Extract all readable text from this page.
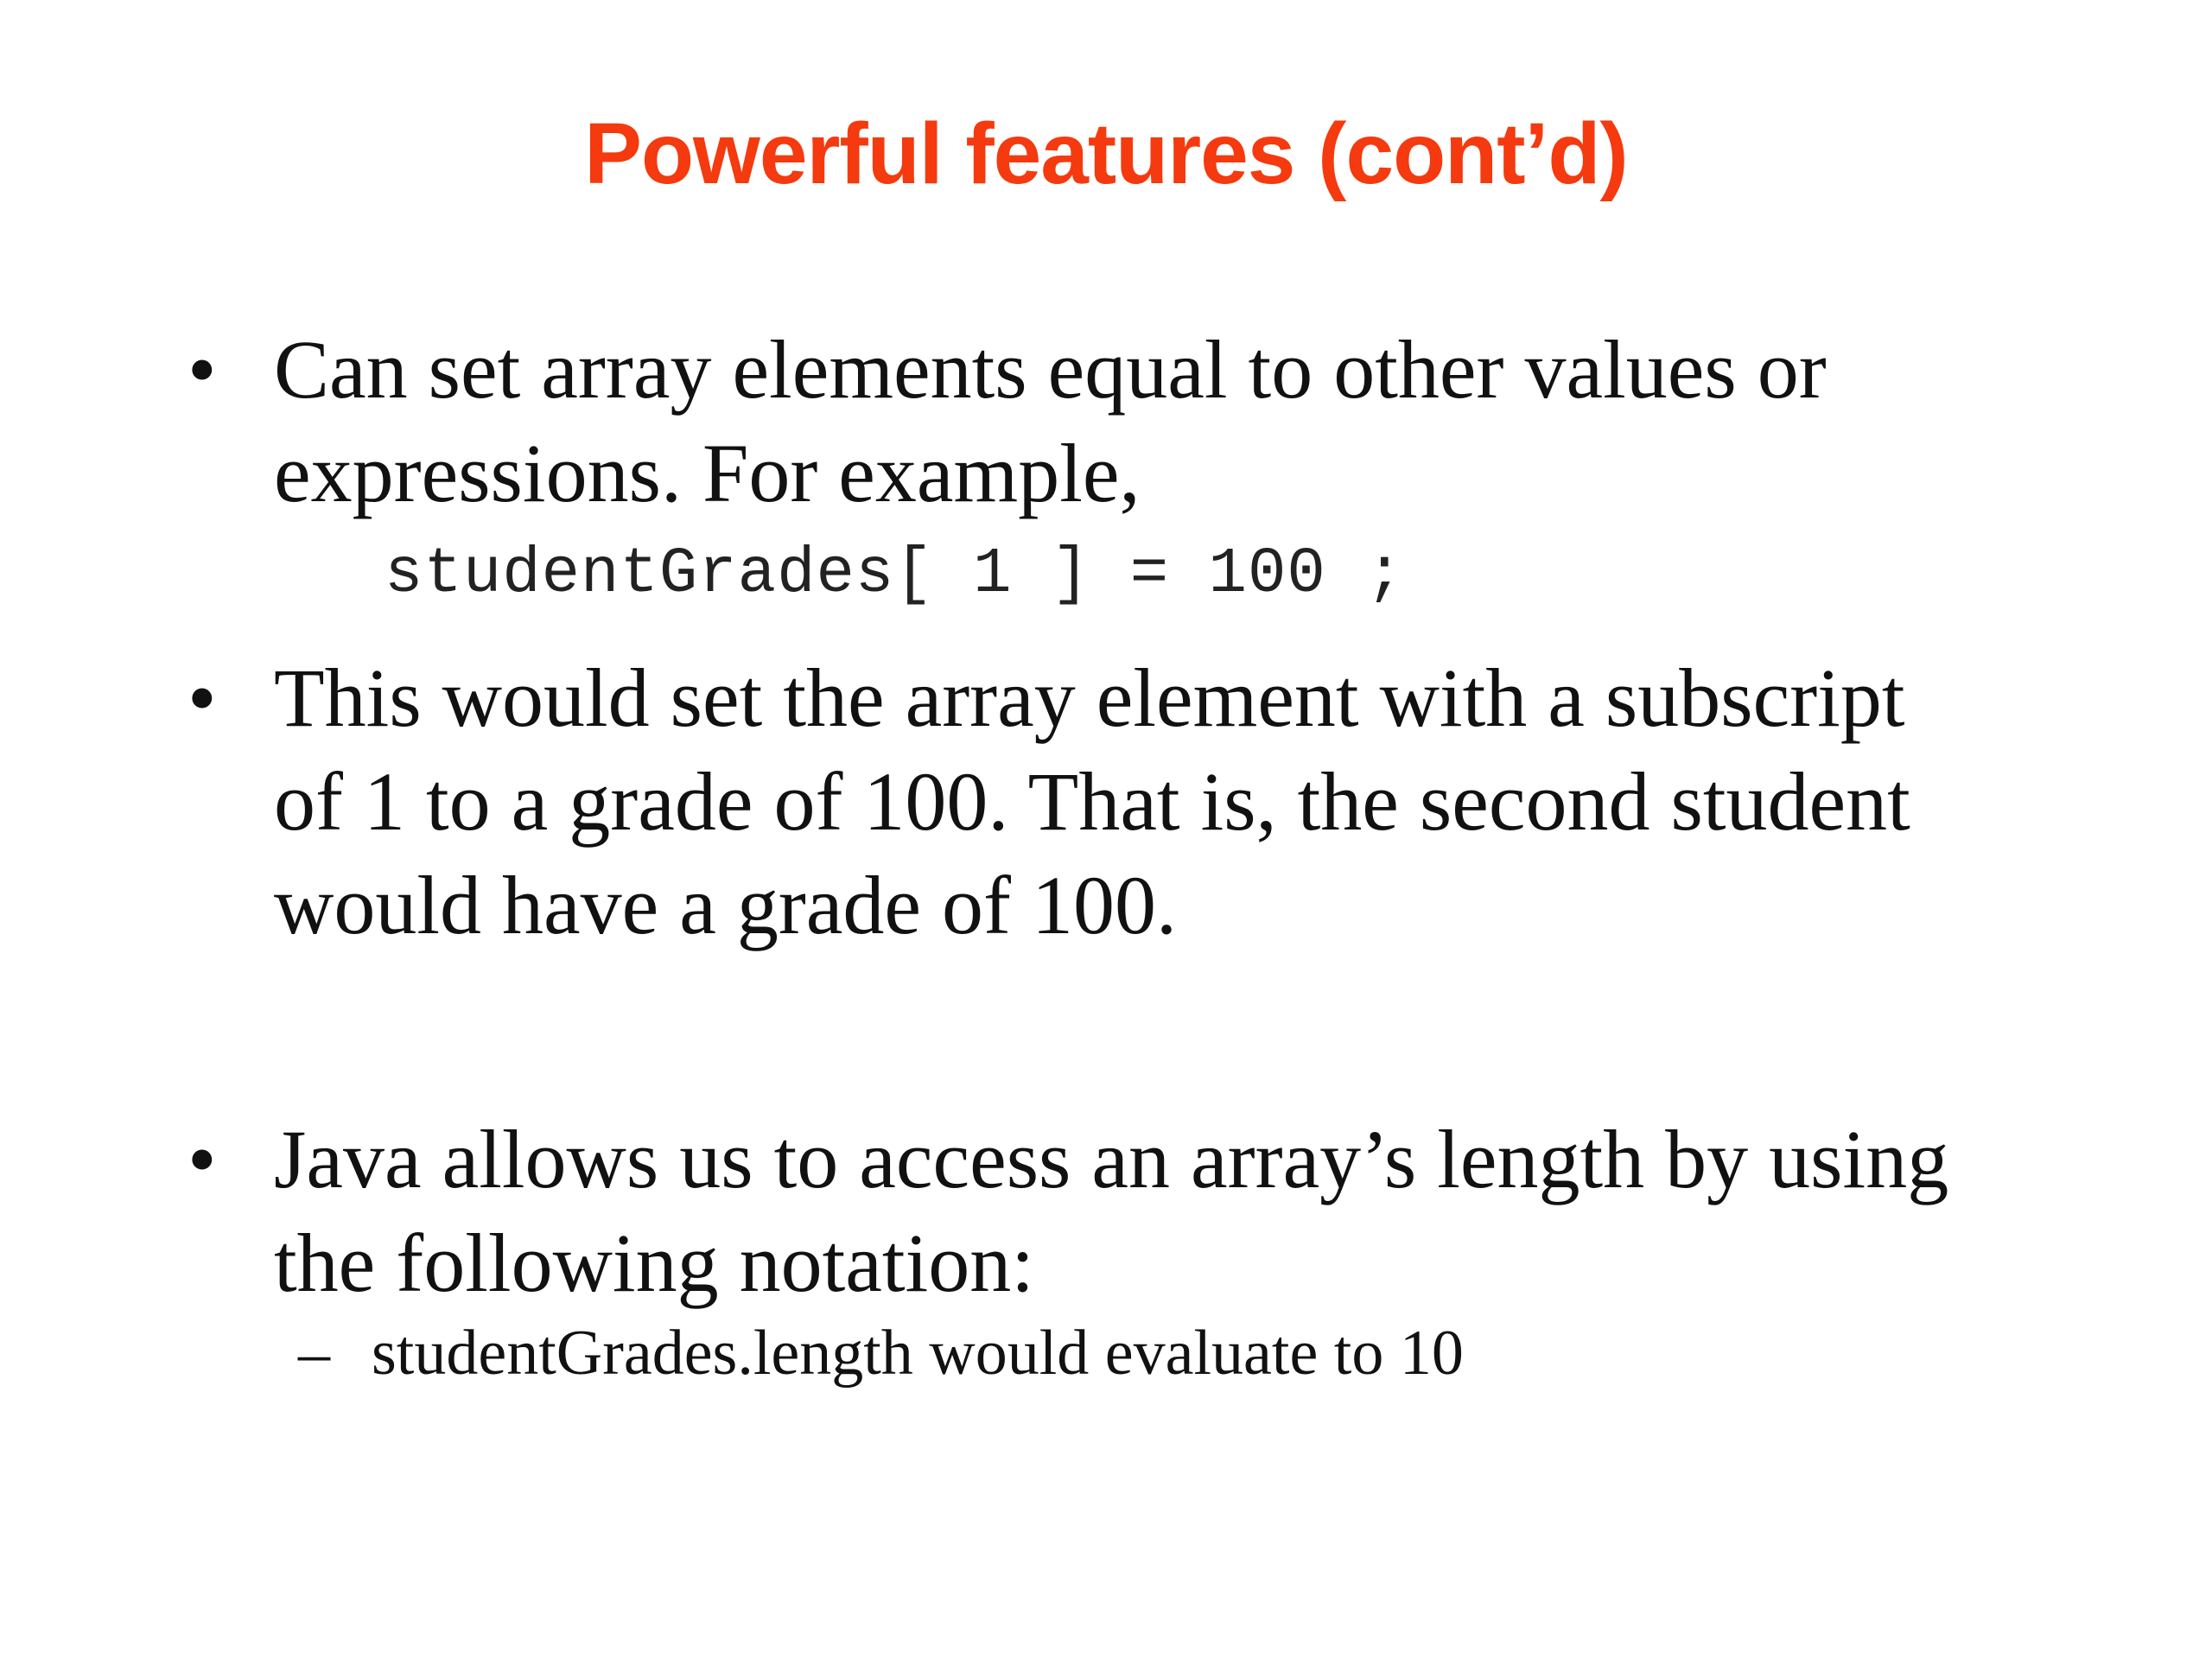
Powerful features (cont’d)
• Can set array elements equal to other values or
expressions. For example,
studentGrades[ 1 ] = 100 ;
• This would set the array element with a subscript
of 1 to a grade of 100. That is, the second student
would have a grade of 100.
• Java allows us to access an array’s length by using
the following notation:
– studentGrades.length would evaluate to 10
